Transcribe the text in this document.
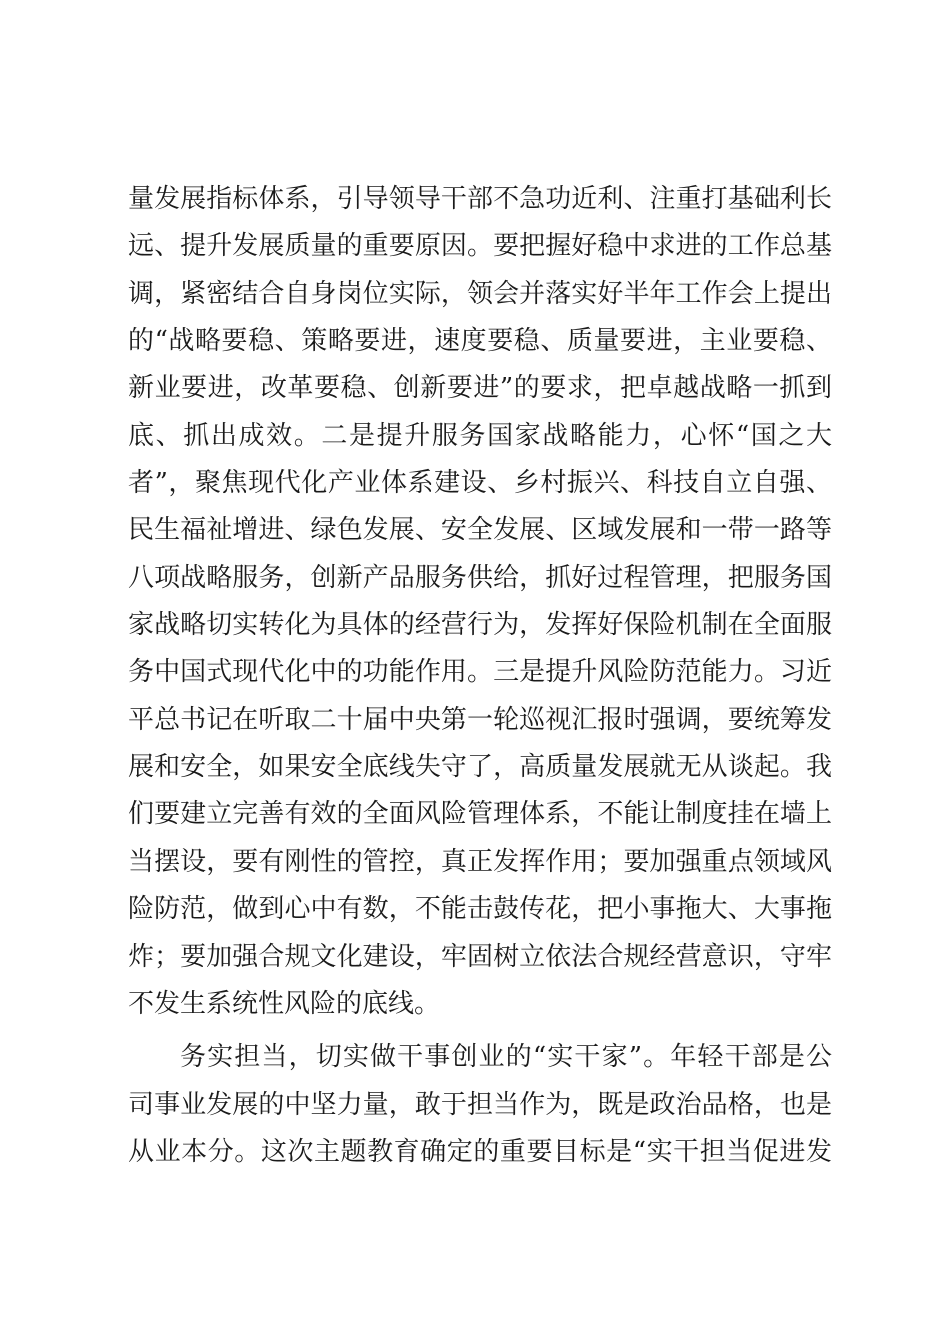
量发展指标体系，引导领导干部不急功近利、注重打基础利长
远、提升发展质量的重要原因。要把握好稳中求进的工作总基
调，紧密结合自身岗位实际，领会并落实好半年工作会上提出
的“战略要稳、策略要进，速度要稳、质量要进，主业要稳、
新业要进，改革要稳、创新要进”的要求，把卓越战略一抓到
底、抓出成效。二是提升服务国家战略能力，心怀“国之大
者”，聚焦现代化产业体系建设、乡村振兴、科技自立自强、
民生福祉增进、绿色发展、安全发展、区域发展和一带一路等
八项战略服务，创新产品服务供给，抓好过程管理，把服务国
家战略切实转化为具体的经营行为，发挥好保险机制在全面服
务中国式现代化中的功能作用。三是提升风险防范能力。习近
平总书记在听取二十届中央第一轮巡视汇报时强调，要统筹发
展和安全，如果安全底线失守了，高质量发展就无从谈起。我
们要建立完善有效的全面风险管理体系，不能让制度挂在墙上
当摆设，要有刚性的管控，真正发挥作用；要加强重点领域风
险防范，做到心中有数，不能击鼓传花，把小事拖大、大事拖
炸；要加强合规文化建设，牢固树立依法合规经营意识，守牢
不发生系统性风险的底线。
务实担当，切实做干事创业的“实干家”。年轻干部是公
司事业发展的中坚力量，敢于担当作为，既是政治品格，也是
从业本分。这次主题教育确定的重要目标是“实干担当促进发
